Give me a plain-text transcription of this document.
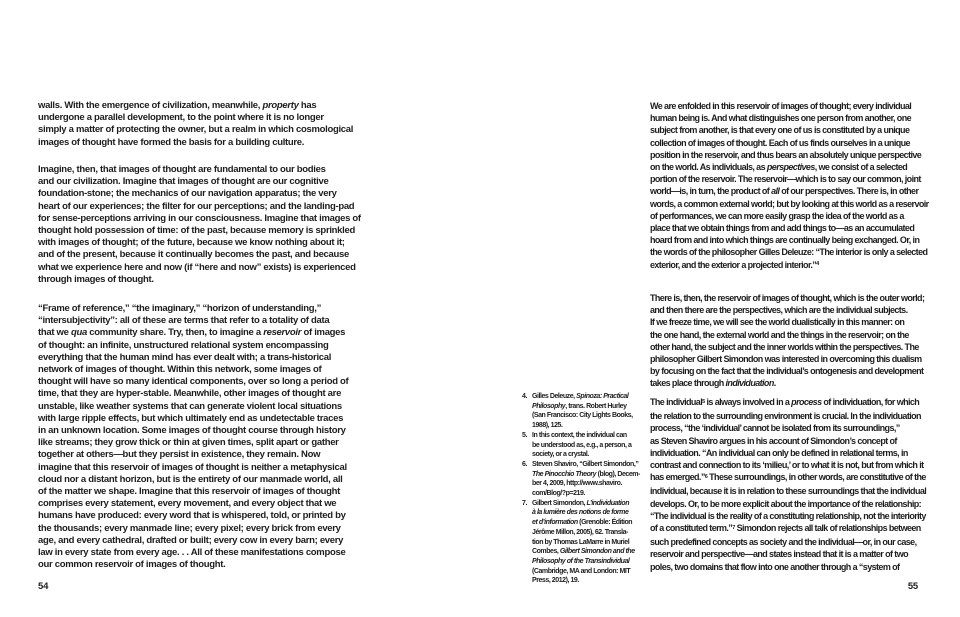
walls. With the emergence of civilization, meanwhile, property has
undergone a parallel development, to the point where it is no longer
simply a matter of protecting the owner, but a realm in which cosmological
images of thought have formed the basis for a building culture.
Imagine, then, that images of thought are fundamental to our bodies
and our civilization. Imagine that images of thought are our cognitive
foundation-stone; the mechanics of our navigation apparatus; the very
heart of our experiences; the filter for our perceptions; and the landing-pad
for sense-perceptions arriving in our consciousness. Imagine that images of
thought hold possession of time: of the past, because memory is sprinkled
with images of thought; of the future, because we know nothing about it;
and of the present, because it continually becomes the past, and because
what we experience here and now (if “here and now” exists) is experienced
through images of thought.
“Frame of reference,” “the imaginary,” “horizon of understanding,”
“intersubjectivity”: all of these are terms that refer to a totality of data
that we qua community share. Try, then, to imagine a reservoir of images
of thought: an infinite, unstructured relational system encompassing
everything that the human mind has ever dealt with; a trans-historical
network of images of thought. Within this network, some images of
thought will have so many identical components, over so long a period of
time, that they are hyper-stable. Meanwhile, other images of thought are
unstable, like weather systems that can generate violent local situations
with large ripple effects, but which ultimately end as undetectable traces
in an unknown location. Some images of thought course through history
like streams; they grow thick or thin at given times, split apart or gather
together at others—but they persist in existence, they remain. Now
imagine that this reservoir of images of thought is neither a metaphysical
cloud nor a distant horizon, but is the entirety of our manmade world, all
of the matter we shape. Imagine that this reservoir of images of thought
comprises every statement, every movement, and every object that we
humans have produced: every word that is whispered, told, or printed by
the thousands; every manmade line; every pixel; every brick from every
age, and every cathedral, drafted or built; every cow in every barn; every
law in every state from every age. . . All of these manifestations compose
our common reservoir of images of thought.
4. Gilles Deleuze, Spinoza: Practical
Philosophy, trans. Robert Hurley
(San Francisco: City Lights Books,
1988), 125.
5. In this context, the individual can
be understood as, e.g., a person, a
society, or a crystal.
6. Steven Shaviro, “Gilbert Simondon,”
The Pinocchio Theory (blog), Decem-
ber 4, 2009, http://www.shaviro.
com/Blog/?p=219.
7. Gilbert Simondon, L’individuation
à la lumière des notions de forme
et d’information (Grenoble: Édition
Jérôme Millon, 2005), 62. Transla-
tion by Thomas LaMarre in Muriel
Combes, Gilbert Simondon and the
Philosophy of the Transindividual
(Cambridge, MA and London: MIT
Press, 2012), 19.
We are enfolded in this reservoir of images of thought; every individual
human being is. And what distinguishes one person from another, one
subject from another, is that every one of us is constituted by a unique
collection of images of thought. Each of us finds ourselves in a unique
position in the reservoir, and thus bears an absolutely unique perspective
on the world. As individuals, as perspectives, we consist of a selected
portion of the reservoir. The reservoir—which is to say our common, joint
world—is, in turn, the product of all of our perspectives. There is, in other
words, a common external world; but by looking at this world as a reservoir
of performances, we can more easily grasp the idea of the world as a
place that we obtain things from and add things to—as an accumulated
hoard from and into which things are continually being exchanged. Or, in
the words of the philosopher Gilles Deleuze: “The interior is only a selected
exterior, and the exterior a projected interior.”$^4$
There is, then, the reservoir of images of thought, which is the outer world;
and then there are the perspectives, which are the individual subjects.
If we freeze time, we will see the world dualistically in this manner: on
the one hand, the external world and the things in the reservoir; on the
other hand, the subject and the inner worlds within the perspectives. The
philosopher Gilbert Simondon was interested in overcoming this dualism
by focusing on the fact that the individual’s ontogenesis and development
takes place through individuation.
The individual$^5$ is always involved in a process of individuation, for which
the relation to the surrounding environment is crucial. In the individuation
process, “the ‘individual’ cannot be isolated from its surroundings,”
as Steven Shaviro argues in his account of Simondon’s concept of
individuation. “An individual can only be defined in relational terms, in
contrast and connection to its ‘milieu,’ or to what it is not, but from which it
has emerged.”$^6$ These surroundings, in other words, are constitutive of the
individual, because it is in relation to these surroundings that the individual
develops. Or, to be more explicit about the importance of the relationship:
“The individual is the reality of a constituting relationship, not the interiority
of a constituted term.”$^7$ Simondon rejects all talk of relationships between
such predefined concepts as society and the individual—or, in our case,
reservoir and perspective—and states instead that it is a matter of two
poles, two domains that flow into one another through a “system of
54	55
